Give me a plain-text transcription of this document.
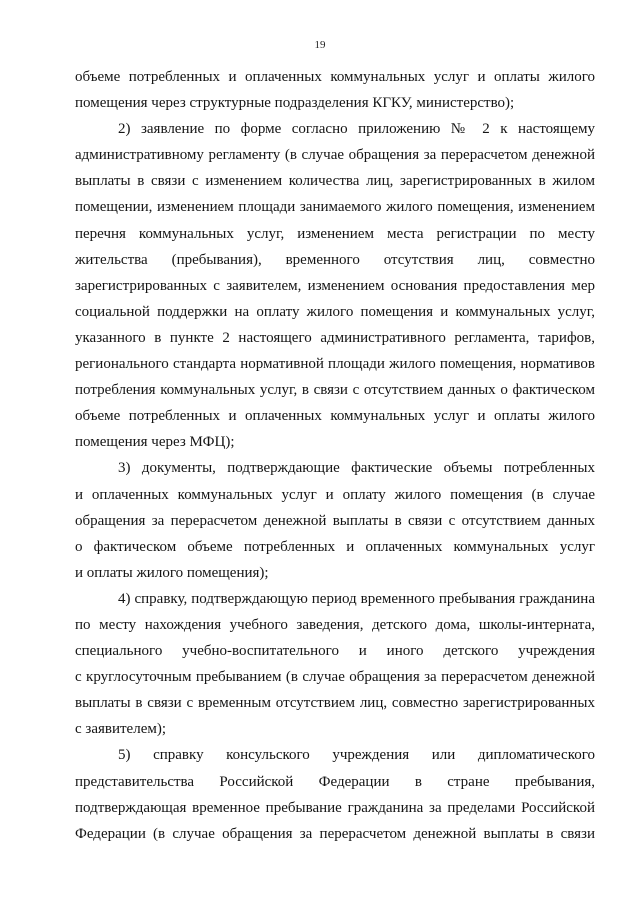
19
объеме потребленных и оплаченных коммунальных услуг и оплаты жилого
помещения через структурные подразделения КГКУ, министерство);
2) заявление по форме согласно приложению № 2 к настоящему
административному регламенту (в случае обращения за перерасчетом денежной
выплаты в связи с изменением количества лиц, зарегистрированных в жилом
помещении, изменением площади занимаемого жилого помещения, изменением
перечня коммунальных услуг, изменением места регистрации по месту
жительства (пребывания), временного отсутствия лиц, совместно
зарегистрированных с заявителем, изменением основания предоставления мер
социальной поддержки на оплату жилого помещения и коммунальных услуг,
указанного в пункте 2 настоящего административного регламента, тарифов,
регионального стандарта нормативной площади жилого помещения, нормативов
потребления коммунальных услуг, в связи с отсутствием данных о фактическом
объеме потребленных и оплаченных коммунальных услуг и оплаты жилого
помещения через МФЦ);
3) документы, подтверждающие фактические объемы потребленных
и оплаченных коммунальных услуг и оплату жилого помещения (в случае
обращения за перерасчетом денежной выплаты в связи с отсутствием данных
о фактическом объеме потребленных и оплаченных коммунальных услуг
и оплаты жилого помещения);
4) справку, подтверждающую период временного пребывания гражданина
по месту нахождения учебного заведения, детского дома, школы-интерната,
специального учебно-воспитательного и иного детского учреждения
с круглосуточным пребыванием (в случае обращения за перерасчетом денежной
выплаты в связи с временным отсутствием лиц, совместно зарегистрированных
с заявителем);
5) справку консульского учреждения или дипломатического
представительства Российской Федерации в стране пребывания,
подтверждающая временное пребывание гражданина за пределами Российской
Федерации (в случае обращения за перерасчетом денежной выплаты в связи
